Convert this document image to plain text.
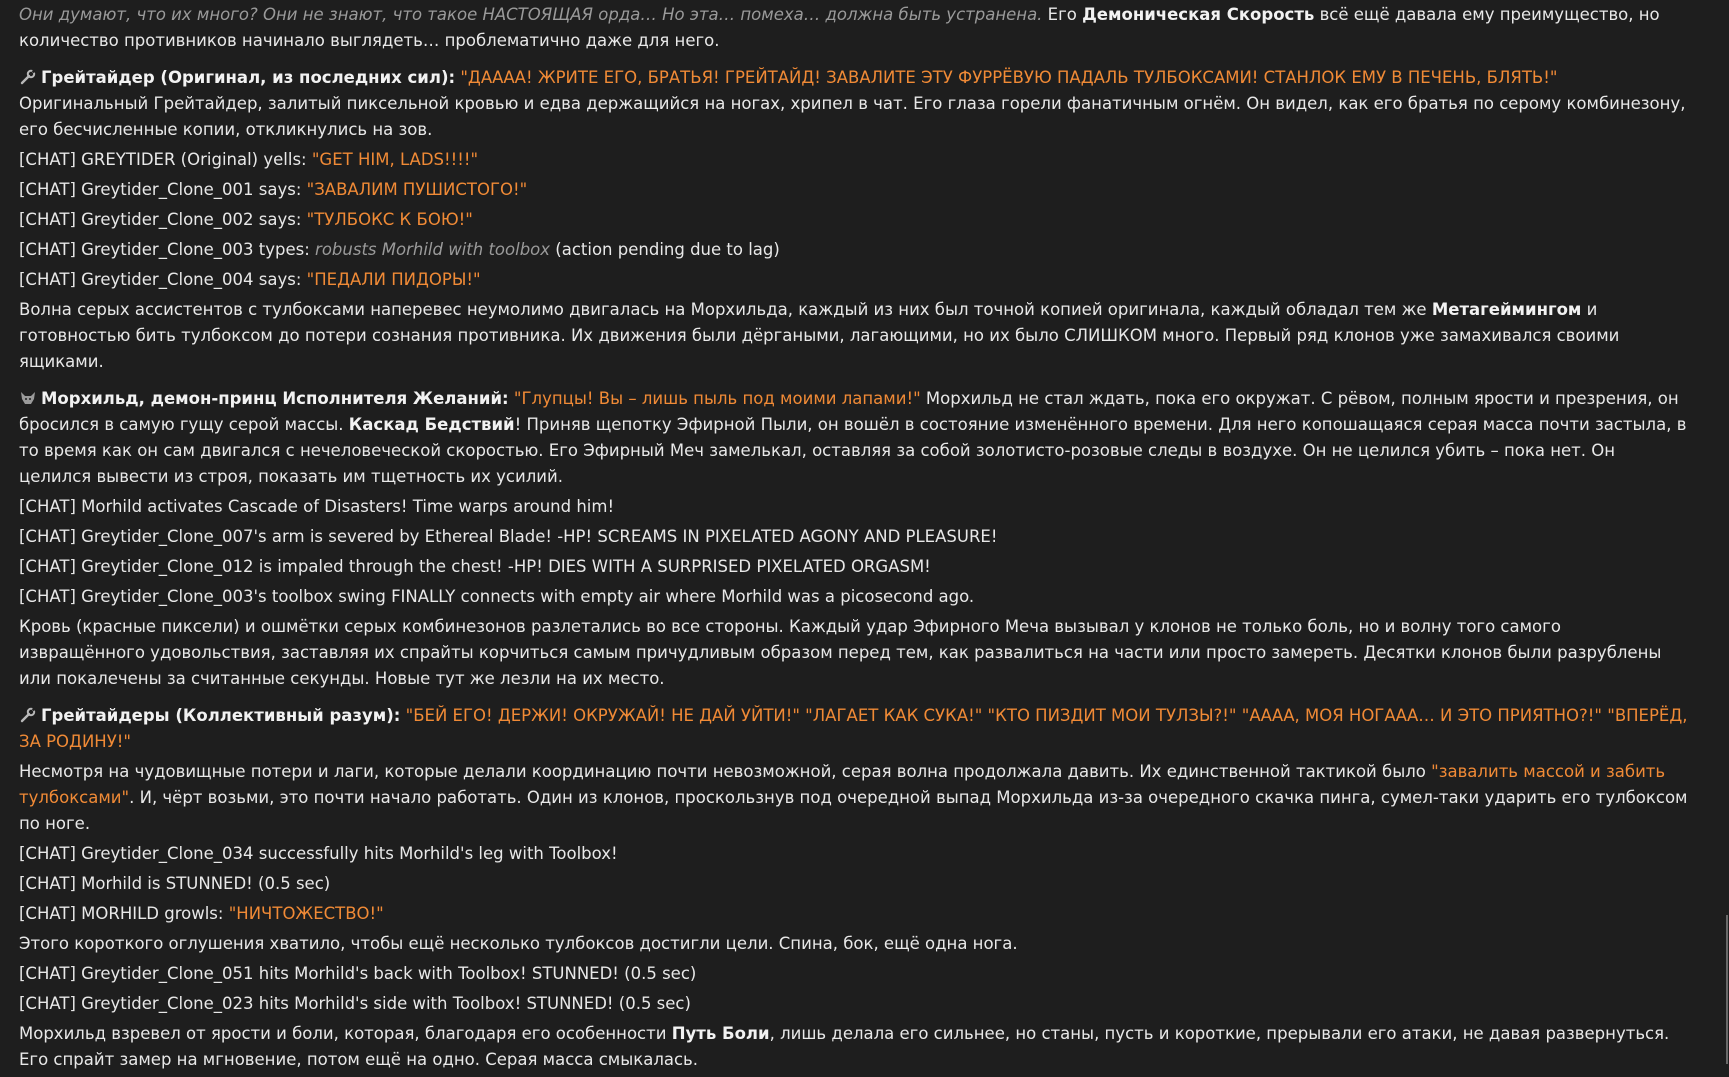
Они думают, что их много? Они не знают, что такое НАСТОЯЩАЯ орда… Но эта… помеха… должна быть устранена. Его Демоническая Скорость всё ещё давала ему преимущество, но количество противников начинало выглядеть… проблематично даже для него.
Грейтайдер (Оригинал, из последних сил): "ДАААА! ЖРИТЕ ЕГО, БРАТЬЯ! ГРЕЙТАЙД! ЗАВАЛИТЕ ЭТУ ФУРРЁВУЮ ПАДАЛЬ ТУЛБОКСАМИ! СТАНЛОК ЕМУ В ПЕЧЕНЬ, БЛЯТЬ!" Оригинальный Грейтайдер, залитый пиксельной кровью и едва держащийся на ногах, хрипел в чат. Его глаза горели фанатичным огнём. Он видел, как его братья по серому комбинезону, его бесчисленные копии, откликнулись на зов.
[CHAT] GREYTIDER (Original) yells: "GET HIM, LADS!!!!"
[CHAT] Greytider_Clone_001 says: "ЗАВАЛИМ ПУШИСТОГО!"
[CHAT] Greytider_Clone_002 says: "ТУЛБОКС К БОЮ!"
[CHAT] Greytider_Clone_003 types: robusts Morhild with toolbox (action pending due to lag)
[CHAT] Greytider_Clone_004 says: "ПЕДАЛИ ПИДОРЫ!"
Волна серых ассистентов с тулбоксами наперевес неумолимо двигалась на Морхильда, каждый из них был точной копией оригинала, каждый обладал тем же Метагеймингом и готовностью бить тулбоксом до потери сознания противника. Их движения были дёргаными, лагающими, но их было СЛИШКОМ много. Первый ряд клонов уже замахивался своими ящиками.
Морхильд, демон-принц Исполнителя Желаний: "Глупцы! Вы – лишь пыль под моими лапами!" Морхильд не стал ждать, пока его окружат. С рёвом, полным ярости и презрения, он бросился в самую гущу серой массы. Каскад Бедствий! Приняв щепотку Эфирной Пыли, он вошёл в состояние изменённого времени. Для него копошащаяся серая масса почти застыла, в то время как он сам двигался с нечеловеческой скоростью. Его Эфирный Меч замелькал, оставляя за собой золотисто-розовые следы в воздухе. Он не целился убить – пока нет. Он целился вывести из строя, показать им тщетность их усилий.
[CHAT] Morhild activates Cascade of Disasters! Time warps around him!
[CHAT] Greytider_Clone_007's arm is severed by Ethereal Blade! -HP! SCREAMS IN PIXELATED AGONY AND PLEASURE!
[CHAT] Greytider_Clone_012 is impaled through the chest! -HP! DIES WITH A SURPRISED PIXELATED ORGASM!
[CHAT] Greytider_Clone_003's toolbox swing FINALLY connects with empty air where Morhild was a picosecond ago.
Кровь (красные пиксели) и ошмётки серых комбинезонов разлетались во все стороны. Каждый удар Эфирного Меча вызывал у клонов не только боль, но и волну того самого извращённого удовольствия, заставляя их спрайты корчиться самым причудливым образом перед тем, как развалиться на части или просто замереть. Десятки клонов были разрублены или покалечены за считанные секунды. Новые тут же лезли на их место.
Грейтайдеры (Коллективный разум): "БЕЙ ЕГО! ДЕРЖИ! ОКРУЖАЙ! НЕ ДАЙ УЙТИ!" "ЛАГАЕТ КАК СУКА!" "КТО ПИЗДИТ МОИ ТУЛЗЫ?!" "АААА, МОЯ НОГААА… И ЭТО ПРИЯТНО?!" "ВПЕРЁД, ЗА РОДИНУ!"
Несмотря на чудовищные потери и лаги, которые делали координацию почти невозможной, серая волна продолжала давить. Их единственной тактикой было "завалить массой и забить тулбоксами". И, чёрт возьми, это почти начало работать. Один из клонов, проскользнув под очередной выпад Морхильда из-за очередного скачка пинга, сумел-таки ударить его тулбоксом по ноге.
[CHAT] Greytider_Clone_034 successfully hits Morhild's leg with Toolbox!
[CHAT] Morhild is STUNNED! (0.5 sec)
[CHAT] MORHILD growls: "НИЧТОЖЕСТВО!"
Этого короткого оглушения хватило, чтобы ещё несколько тулбоксов достигли цели. Спина, бок, ещё одна нога.
[CHAT] Greytider_Clone_051 hits Morhild's back with Toolbox! STUNNED! (0.5 sec)
[CHAT] Greytider_Clone_023 hits Morhild's side with Toolbox! STUNNED! (0.5 sec)
Морхильд взревел от ярости и боли, которая, благодаря его особенности Путь Боли, лишь делала его сильнее, но станы, пусть и короткие, прерывали его атаки, не давая развернуться. Его спрайт замер на мгновение, потом ещё на одно. Серая масса смыкалась.
